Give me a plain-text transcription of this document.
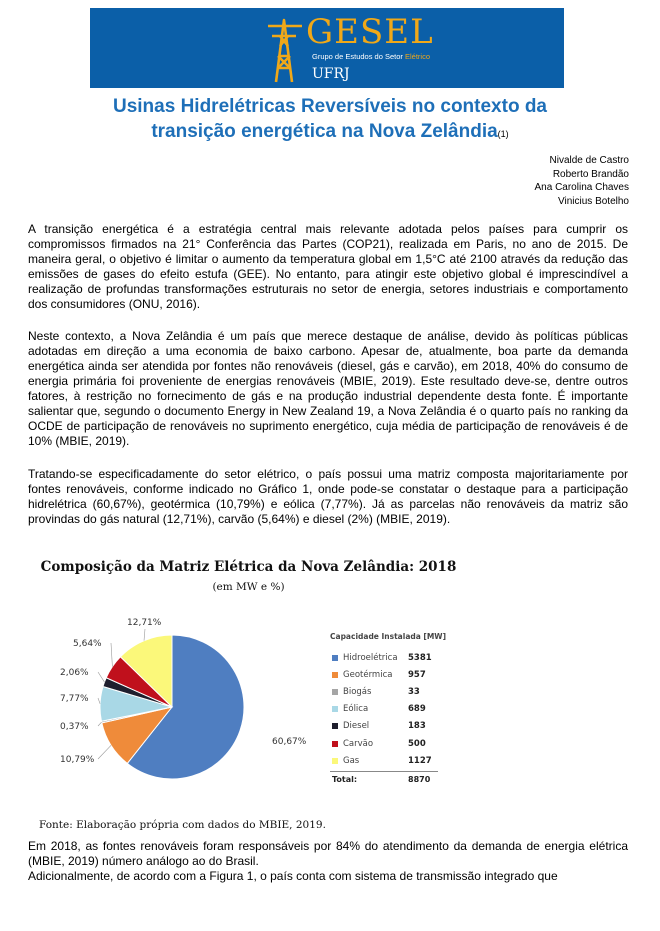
GESEL
Grupo de Estudos do Setor Elétrico
UFRJ
Usinas Hidrelétricas Reversíveis no contexto da
transição energética na Nova Zelândia(1)
Nivalde de Castro
Roberto Brandão
Ana Carolina Chaves
Vinicius Botelho

A transição energética é a estratégia central mais relevante adotada pelos países para cumprir os compromissos firmados na 21° Conferência das Partes (COP21), realizada em Paris, no ano de 2015. De maneira geral, o objetivo é limitar o aumento da temperatura global em 1,5°C até 2100 através da redução das emissões de gases do efeito estufa (GEE). No entanto, para atingir este objetivo global é imprescindível a realização de profundas transformações estruturais no setor de energia, setores industriais e comportamento dos consumidores (ONU, 2016).

Neste contexto, a Nova Zelândia é um país que merece destaque de análise, devido às políticas públicas adotadas em direção a uma economia de baixo carbono. Apesar de, atualmente, boa parte da demanda energética ainda ser atendida por fontes não renováveis (diesel, gás e carvão), em 2018, 40% do consumo de energia primária foi proveniente de energias renováveis (MBIE, 2019). Este resultado deve-se, dentre outros fatores, à restrição no fornecimento de gás e na produção industrial dependente desta fonte. É importante salientar que, segundo o documento Energy in New Zealand 19, a Nova Zelândia é o quarto país no ranking da OCDE de participação de renováveis no suprimento energético, cuja média de participação de renováveis é de 10% (MBIE, 2019).

Tratando-se especificadamente do setor elétrico, o país possui uma matriz composta majoritariamente por fontes renováveis, conforme indicado no Gráfico 1, onde pode-se constatar o destaque para a participação hidrelétrica (60,67%), geotérmica (10,79%) e eólica (7,77%). Já as parcelas não renováveis da matriz são provindas do gás natural (12,71%), carvão (5,64%) e diesel (2%) (MBIE, 2019).

Composição da Matriz Elétrica da Nova Zelândia: 2018
(em MW e %)
60,67%
10,79%
0,37%
7,77%
2,06%
5,64%
12,71%
Capacidade Instalada [MW]
Hidroelétrica	5381
Geotérmica	957
Biogás	33
Eólica	689
Diesel	183
Carvão	500
Gas	1127
Total:	8870
Fonte: Elaboração própria com dados do MBIE, 2019.

Em 2018, as fontes renováveis foram responsáveis por 84% do atendimento da demanda de energia elétrica (MBIE, 2019) número análogo ao do Brasil.

Adicionalmente, de acordo com a Figura 1, o país conta com sistema de transmissão integrado que
